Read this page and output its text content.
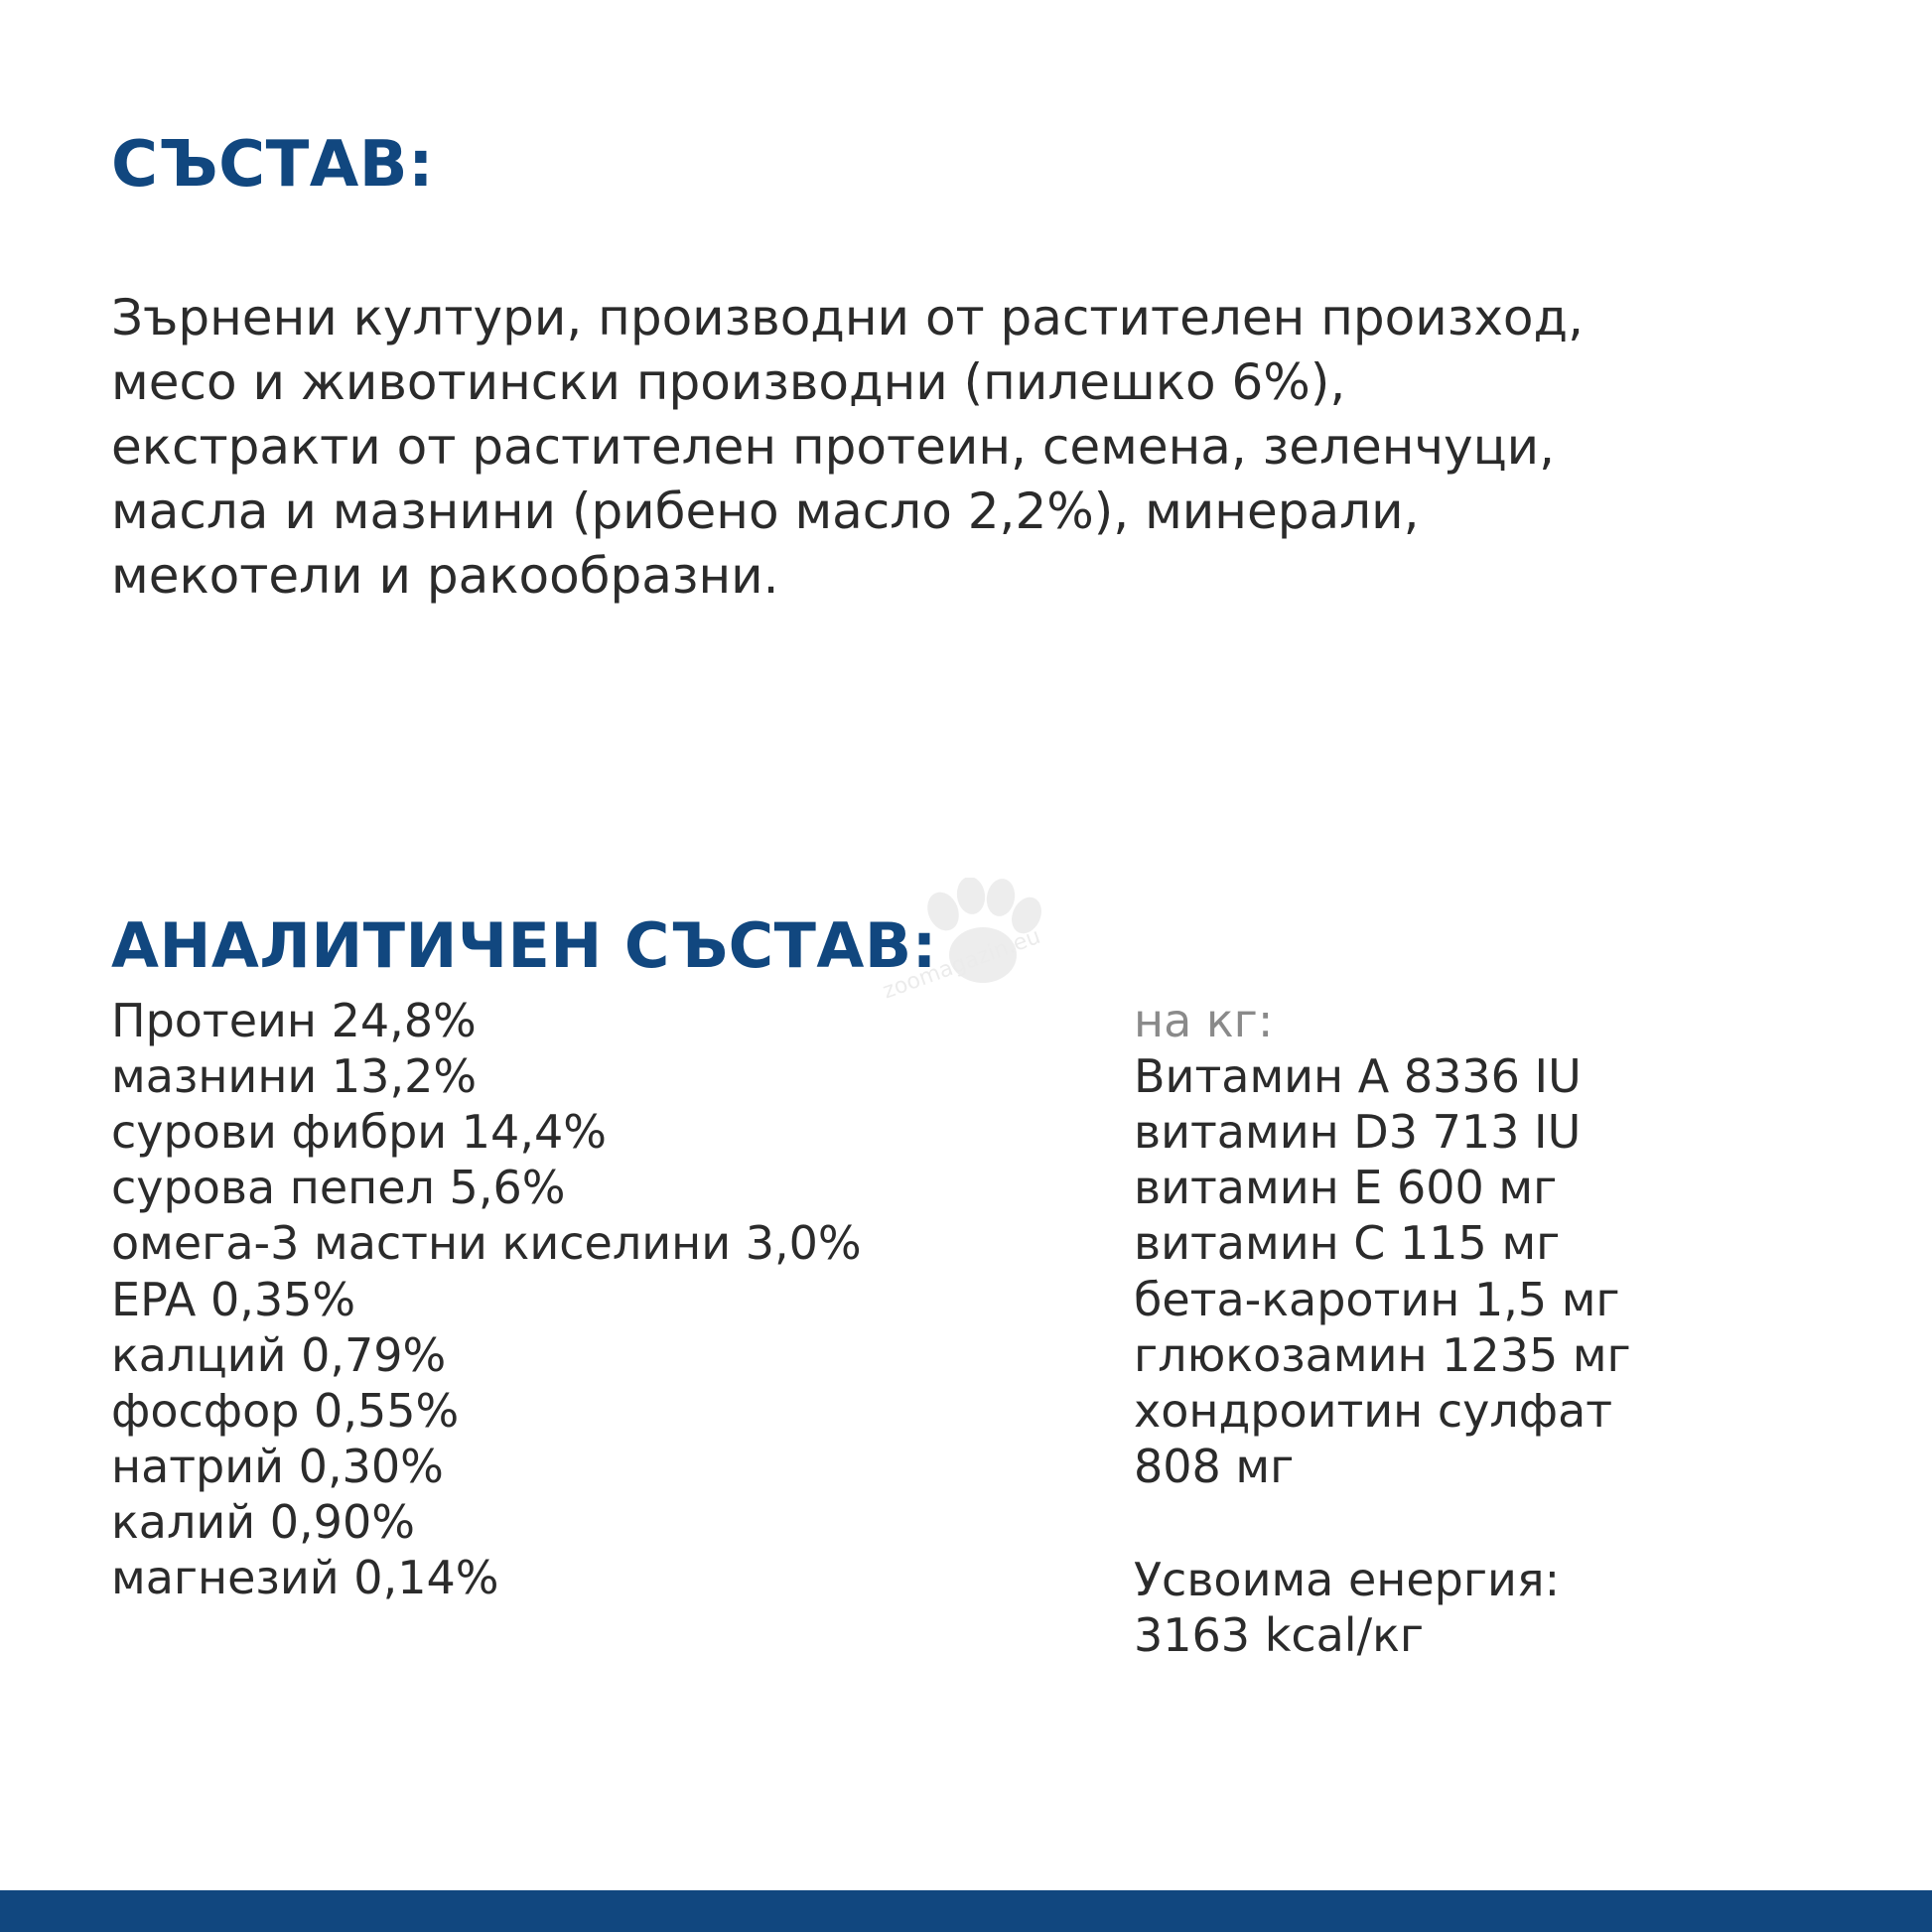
СЪСТАВ:

Зърнени култури, производни от растителен произход, месо и животински производни (пилешко 6%), екстракти от растителен протеин, семена, зеленчуци, масла и мазнини (рибено масло 2,2%), минерали, мекотели и ракообразни.

АНАЛИТИЧЕН СЪСТАВ:
Протеин 24,8%
мазнини 13,2%
сурови фибри 14,4%
сурова пепел 5,6%
омега-3 мастни киселини 3,0%
EPA 0,35%
калций 0,79%
фосфор 0,55%
натрий 0,30%
калий 0,90%
магнезий 0,14%
на кг:
Витамин A 8336 IU
витамин D3 713 IU
витамин E 600 мг
витамин C 115 мг
бета-каротин 1,5 мг
глюкозамин 1235 мг
хондроитин сулфат
808 мг
Усвоима енергия:
3163 kcal/кг
zoomagazin.eu
